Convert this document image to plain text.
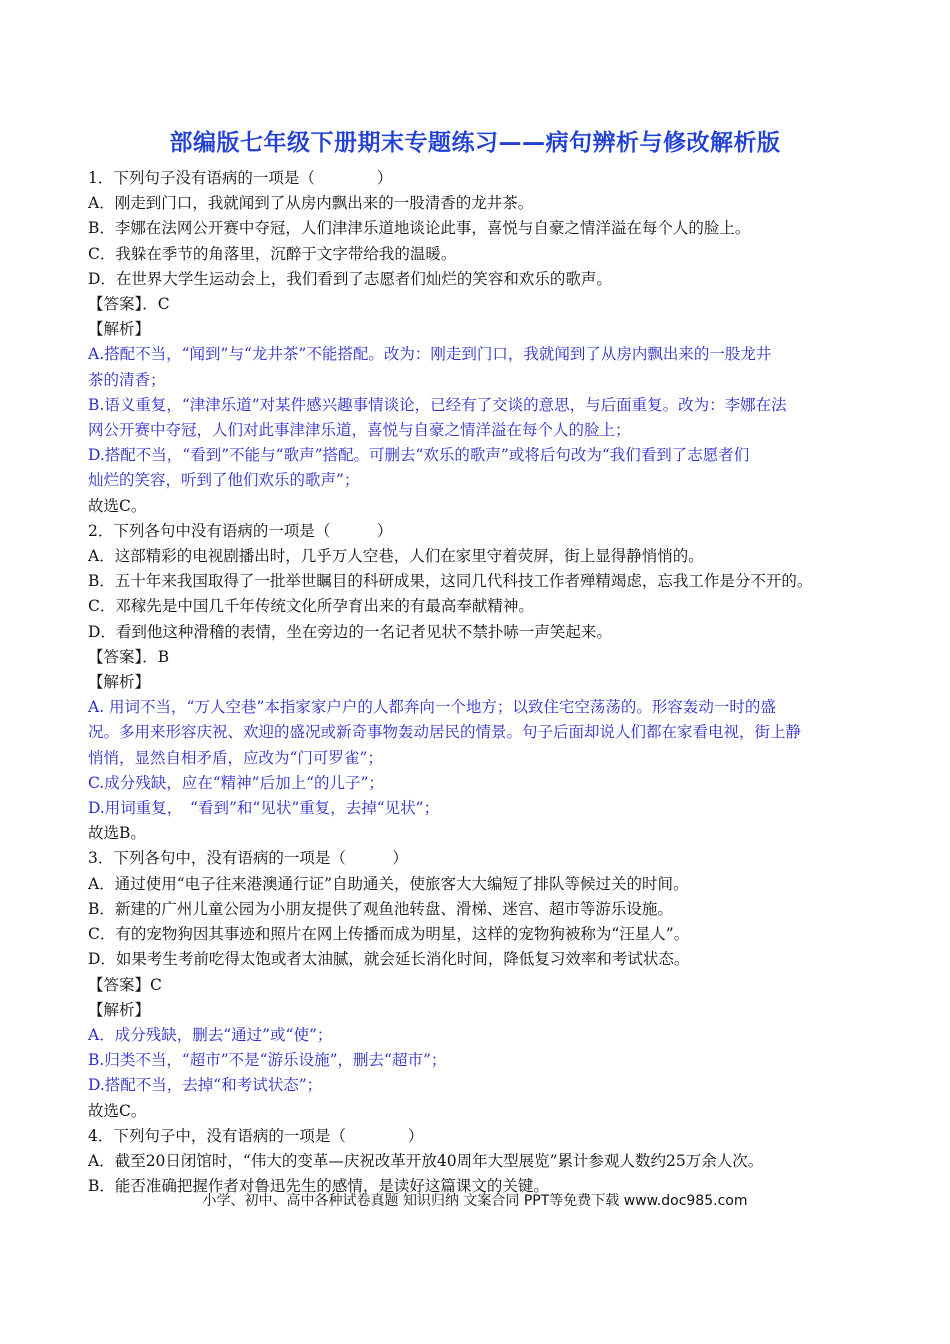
部编版七年级下册期末专题练习——病句辨析与修改解析版
1．下列句子没有语病的一项是（　　　　）
A．刚走到门口，我就闻到了从房内飘出来的一股清香的龙井茶。
B．李娜在法网公开赛中夺冠，人们津津乐道地谈论此事，喜悦与自豪之情洋溢在每个人的脸上。
C．我躲在季节的角落里，沉醉于文字带给我的温暖。
D．在世界大学生运动会上，我们看到了志愿者们灿烂的笑容和欢乐的歌声。
【答案】．C
【解析】
A.搭配不当，“闻到”与“龙井茶”不能搭配。改为：刚走到门口，我就闻到了从房内飘出来的一股龙井
茶的清香；
B.语义重复，“津津乐道”对某件感兴趣事情谈论，已经有了交谈的意思，与后面重复。改为：李娜在法
网公开赛中夺冠，人们对此事津津乐道，喜悦与自豪之情洋溢在每个人的脸上；
D.搭配不当，“看到”不能与“歌声”搭配。可删去“欢乐的歌声”或将后句改为“我们看到了志愿者们
灿烂的笑容，听到了他们欢乐的歌声”；
故选C。
2．下列各句中没有语病的一项是（　　　）
A．这部精彩的电视剧播出时，几乎万人空巷，人们在家里守着荧屏，街上显得静悄悄的。
B．五十年来我国取得了一批举世瞩目的科研成果，这同几代科技工作者殚精竭虑，忘我工作是分不开的。
C．邓稼先是中国几千年传统文化所孕育出来的有最高奉献精神。
D．看到他这种滑稽的表情，坐在旁边的一名记者见状不禁扑哧一声笑起来。
【答案】．B
【解析】
A. 用词不当，“万人空巷”本指家家户户的人都奔向一个地方；以致住宅空荡荡的。形容轰动一时的盛
况。多用来形容庆祝、欢迎的盛况或新奇事物轰动居民的情景。句子后面却说人们都在家看电视，街上静
悄悄，显然自相矛盾，应改为“门可罗雀”；
C.成分残缺，应在“精神”后加上“的儿子”；
D.用词重复，　“看到”和“见状”重复，去掉“见状”；
故选B。
3．下列各句中，没有语病的一项是（　　　）
A．通过使用“电子往来港澳通行证”自助通关，使旅客大大编短了排队等候过关的时间。
B．新建的广州儿童公园为小朋友提供了观鱼池转盘、滑梯、迷宫、超市等游乐设施。
C．有的宠物狗因其事迹和照片在网上传播而成为明星，这样的宠物狗被称为“汪星人”。
D．如果考生考前吃得太饱或者太油腻，就会延长消化时间，降低复习效率和考试状态。
【答案】C
【解析】
A．成分残缺，删去“通过”或“使”；
B.归类不当，“超市”不是“游乐设施”，删去“超市”；
D.搭配不当，去掉“和考试状态”；
故选C。
4．下列句子中，没有语病的一项是（　　　　）
A．截至20日闭馆时，“伟大的变革—庆祝改革开放40周年大型展览”累计参观人数约25万余人次。
B．能否准确把握作者对鲁迅先生的感情，是读好这篇课文的关键。
小学、初中、高中各种试卷真题 知识归纳 文案合同 PPT等免费下载 www.doc985.com
